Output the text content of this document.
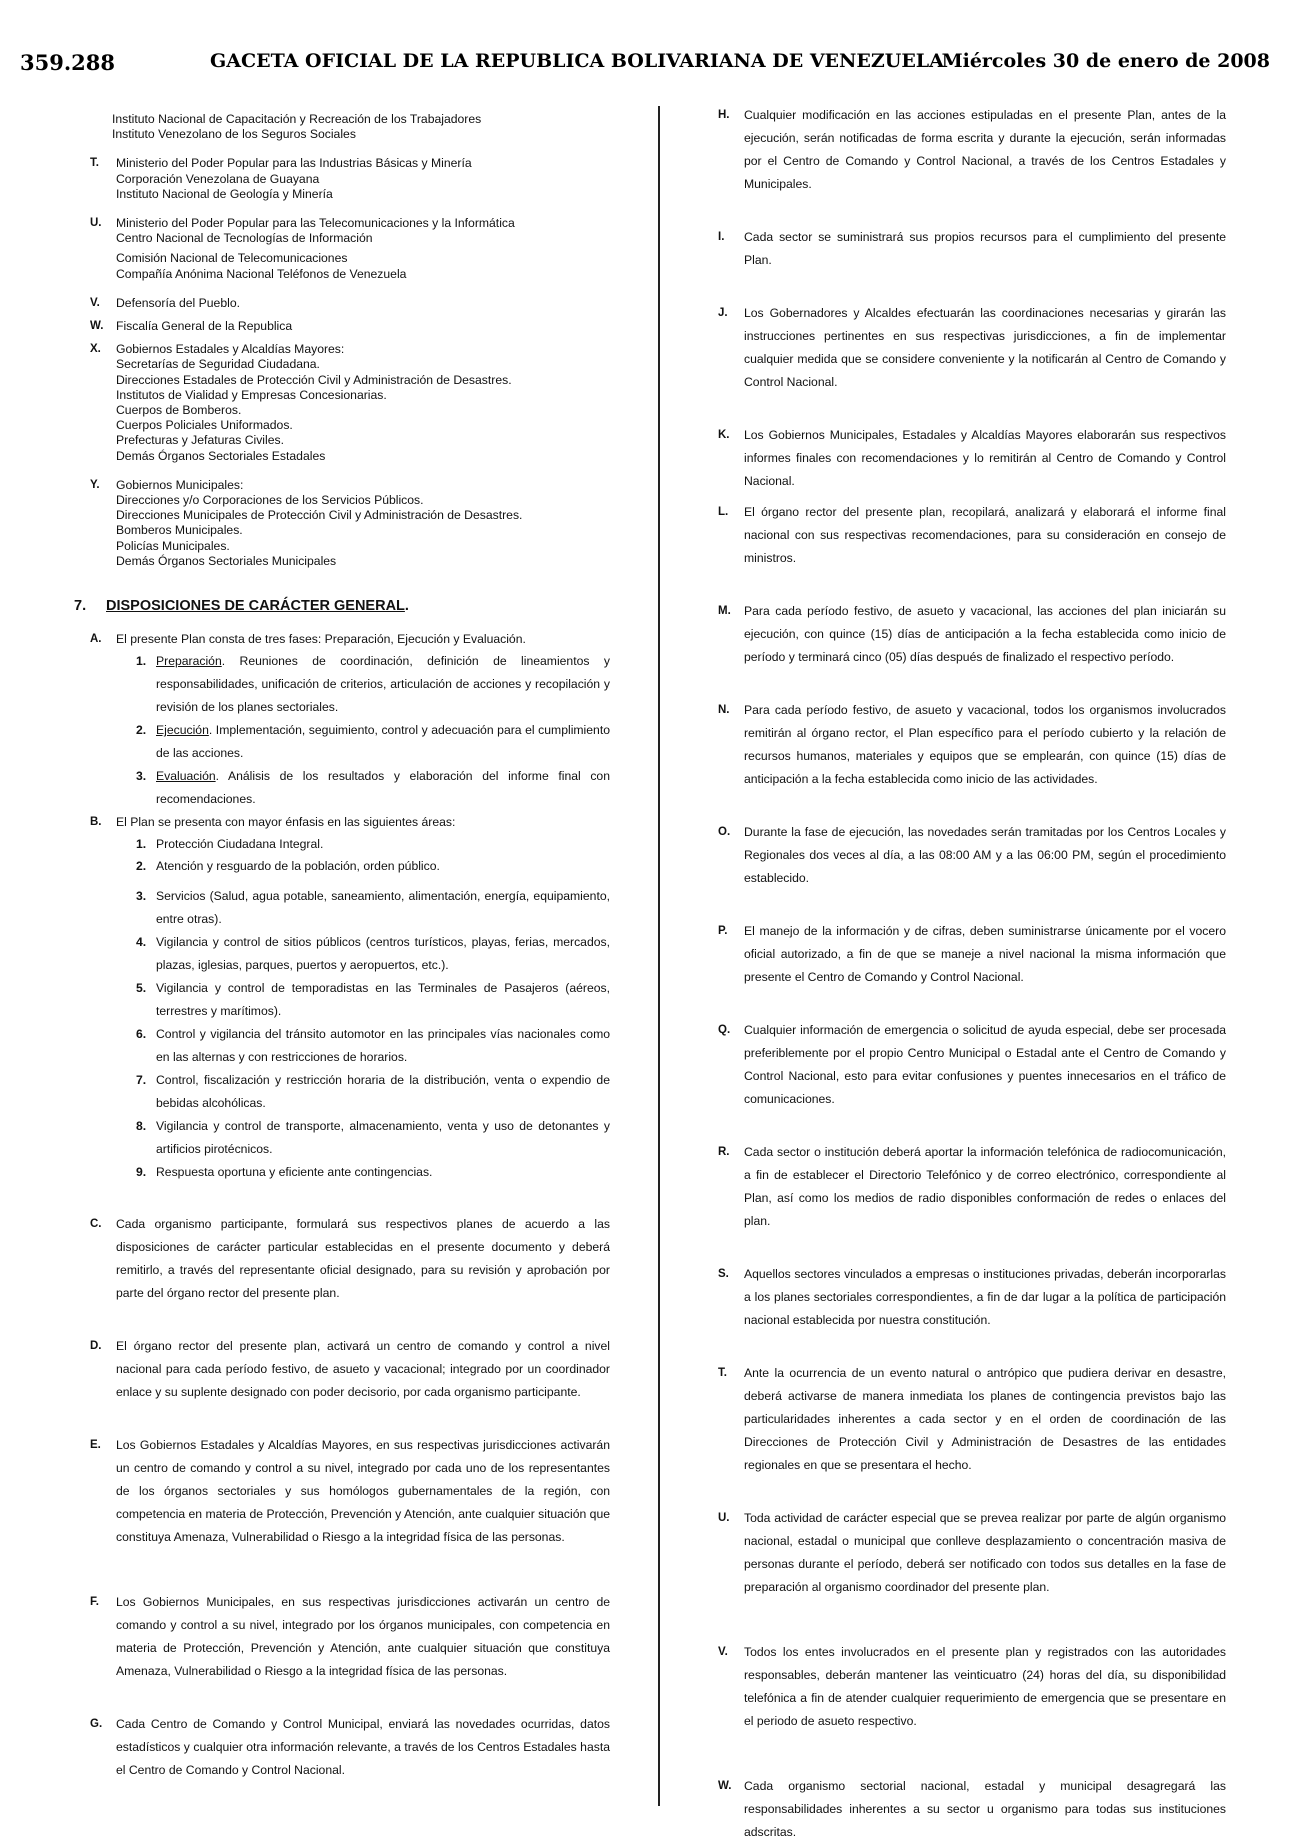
359.288	GACETA OFICIAL DE LA REPUBLICA BOLIVARIANA DE VENEZUELA
Miércoles 30 de enero de 2008
Instituto Nacional de Capacitación y Recreación de los Trabajadores
Instituto Venezolano de los Seguros Sociales
T. Ministerio del Poder Popular para las Industrias Básicas y Minería
Corporación Venezolana de Guayana
Instituto Nacional de Geología y Minería
U. Ministerio del Poder Popular para las Telecomunicaciones y la Informática
Centro Nacional de Tecnologías de Información
Comisión Nacional de Telecomunicaciones
Compañía Anónima Nacional Teléfonos de Venezuela
V. Defensoría del Pueblo.
W. Fiscalía General de la Republica
X. Gobiernos Estadales y Alcaldías Mayores:
Secretarías de Seguridad Ciudadana.
Direcciones Estadales de Protección Civil y Administración de Desastres.
Institutos de Vialidad y Empresas Concesionarias.
Cuerpos de Bomberos.
Cuerpos Policiales Uniformados.
Prefecturas y Jefaturas Civiles.
Demás Órganos Sectoriales Estadales
Y. Gobiernos Municipales:
Direcciones y/o Corporaciones de los Servicios Públicos.
Direcciones Municipales de Protección Civil y Administración de Desastres.
Bomberos Municipales.
Policías Municipales.
Demás Órganos Sectoriales Municipales
7. DISPOSICIONES DE CARÁCTER GENERAL.
A. El presente Plan consta de tres fases: Preparación, Ejecución y Evaluación.
1. Preparación. Reuniones de coordinación, definición de lineamientos y responsabilidades, unificación de criterios, articulación de acciones y recopilación y revisión de los planes sectoriales.
2. Ejecución. Implementación, seguimiento, control y adecuación para el cumplimiento de las acciones.
3. Evaluación. Análisis de los resultados y elaboración del informe final con recomendaciones.
B. El Plan se presenta con mayor énfasis en las siguientes áreas:
1. Protección Ciudadana Integral.
2. Atención y resguardo de la población, orden público.
3. Servicios (Salud, agua potable, saneamiento, alimentación, energía, equipamiento, entre otras).
4. Vigilancia y control de sitios públicos (centros turísticos, playas, ferias, mercados, plazas, iglesias, parques, puertos y aeropuertos, etc.).
5. Vigilancia y control de temporadistas en las Terminales de Pasajeros (aéreos, terrestres y marítimos).
6. Control y vigilancia del tránsito automotor en las principales vías nacionales como en las alternas y con restricciones de horarios.
7. Control, fiscalización y restricción horaria de la distribución, venta o expendio de bebidas alcohólicas.
8. Vigilancia y control de transporte, almacenamiento, venta y uso de detonantes y artificios pirotécnicos.
9. Respuesta oportuna y eficiente ante contingencias.
C. Cada organismo participante, formulará sus respectivos planes de acuerdo a las disposiciones de carácter particular establecidas en el presente documento y deberá remitirlo, a través del representante oficial designado, para su revisión y aprobación por parte del órgano rector del presente plan.
D. El órgano rector del presente plan, activará un centro de comando y control a nivel nacional para cada período festivo, de asueto y vacacional; integrado por un coordinador enlace y su suplente designado con poder decisorio, por cada organismo participante.
E. Los Gobiernos Estadales y Alcaldías Mayores, en sus respectivas jurisdicciones activarán un centro de comando y control a su nivel, integrado por cada uno de los representantes de los órganos sectoriales y sus homólogos gubernamentales de la región, con competencia en materia de Protección, Prevención y Atención, ante cualquier situación que constituya Amenaza, Vulnerabilidad o Riesgo a la integridad física de las personas.
F. Los Gobiernos Municipales, en sus respectivas jurisdicciones activarán un centro de comando y control a su nivel, integrado por los órganos municipales, con competencia en materia de Protección, Prevención y Atención, ante cualquier situación que constituya Amenaza, Vulnerabilidad o Riesgo a la integridad física de las personas.
G. Cada Centro de Comando y Control Municipal, enviará las novedades ocurridas, datos estadísticos y cualquier otra información relevante, a través de los Centros Estadales hasta el Centro de Comando y Control Nacional.
H. Cualquier modificación en las acciones estipuladas en el presente Plan, antes de la ejecución, serán notificadas de forma escrita y durante la ejecución, serán informadas por el Centro de Comando y Control Nacional, a través de los Centros Estadales y Municipales.
I. Cada sector se suministrará sus propios recursos para el cumplimiento del presente Plan.
J. Los Gobernadores y Alcaldes efectuarán las coordinaciones necesarias y girarán las instrucciones pertinentes en sus respectivas jurisdicciones, a fin de implementar cualquier medida que se considere conveniente y la notificarán al Centro de Comando y Control Nacional.
K. Los Gobiernos Municipales, Estadales y Alcaldías Mayores elaborarán sus respectivos informes finales con recomendaciones y lo remitirán al Centro de Comando y Control Nacional.
L. El órgano rector del presente plan, recopilará, analizará y elaborará el informe final nacional con sus respectivas recomendaciones, para su consideración en consejo de ministros.
M. Para cada período festivo, de asueto y vacacional, las acciones del plan iniciarán su ejecución, con quince (15) días de anticipación a la fecha establecida como inicio de período y terminará cinco (05) días después de finalizado el respectivo período.
N. Para cada período festivo, de asueto y vacacional, todos los organismos involucrados remitirán al órgano rector, el Plan específico para el período cubierto y la relación de recursos humanos, materiales y equipos que se emplearán, con quince (15) días de anticipación a la fecha establecida como inicio de las actividades.
O. Durante la fase de ejecución, las novedades serán tramitadas por los Centros Locales y Regionales dos veces al día, a las 08:00 AM y a las 06:00 PM, según el procedimiento establecido.
P. El manejo de la información y de cifras, deben suministrarse únicamente por el vocero oficial autorizado, a fin de que se maneje a nivel nacional la misma información que presente el Centro de Comando y Control Nacional.
Q. Cualquier información de emergencia o solicitud de ayuda especial, debe ser procesada preferiblemente por el propio Centro Municipal o Estadal ante el Centro de Comando y Control Nacional, esto para evitar confusiones y puentes innecesarios en el tráfico de comunicaciones.
R. Cada sector o institución deberá aportar la información telefónica de radiocomunicación, a fin de establecer el Directorio Telefónico y de correo electrónico, correspondiente al Plan, así como los medios de radio disponibles conformación de redes o enlaces del plan.
S. Aquellos sectores vinculados a empresas o instituciones privadas, deberán incorporarlas a los planes sectoriales correspondientes, a fin de dar lugar a la política de participación nacional establecida por nuestra constitución.
T. Ante la ocurrencia de un evento natural o antrópico que pudiera derivar en desastre, deberá activarse de manera inmediata los planes de contingencia previstos bajo las particularidades inherentes a cada sector y en el orden de coordinación de las Direcciones de Protección Civil y Administración de Desastres de las entidades regionales en que se presentara el hecho.
U. Toda actividad de carácter especial que se prevea realizar por parte de algún organismo nacional, estadal o municipal que conlleve desplazamiento o concentración masiva de personas durante el período, deberá ser notificado con todos sus detalles en la fase de preparación al organismo coordinador del presente plan.
V. Todos los entes involucrados en el presente plan y registrados con las autoridades responsables, deberán mantener las veinticuatro (24) horas del día, su disponibilidad telefónica a fin de atender cualquier requerimiento de emergencia que se presentare en el periodo de asueto respectivo.
W. Cada organismo sectorial nacional, estadal y municipal desagregará las responsabilidades inherentes a su sector u organismo para todas sus instituciones adscritas.
